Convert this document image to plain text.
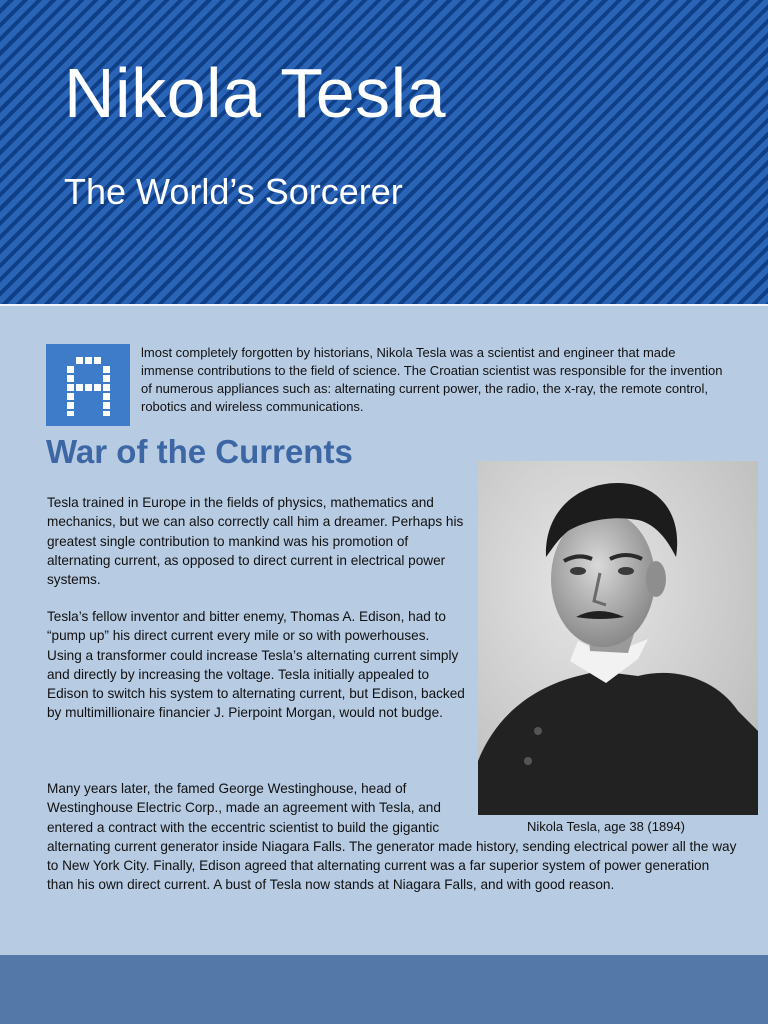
Nikola Tesla
The World’s Sorcerer

lmost completely forgotten by historians, Nikola Tesla was a scientist and engineer that made immense contributions to the field of science. The Croatian scientist was responsible for the invention of numerous appliances such as: alternating current power, the radio, the x-ray, the remote control, robotics and wireless communications.

War of the Currents
Nikola Tesla, age 38 (1894)

Tesla trained in Europe in the fields of physics, mathematics and mechanics, but we can also correctly call him a dreamer. Perhaps his greatest single contribution to mankind was his promotion of alternating current, as opposed to direct current in electrical power systems.

Tesla’s fellow inventor and bitter enemy, Thomas A. Edison, had to “pump up” his direct current every mile or so with powerhouses. Using a transformer could increase Tesla’s alternating current simply and directly by increasing the voltage. Tesla initially appealed to Edison to switch his system to alternating current, but Edison, backed by multimillionaire financier J. Pierpoint Morgan, would not budge.

Many years later, the famed George Westinghouse, head of Westinghouse Electric Corp., made an agreement with Tesla, and entered a contract with the eccentric scientist to build the gigantic alternating current generator inside Niagara Falls. The generator made history, sending electrical power all the way to New York City. Finally, Edison agreed that alternating current was a far superior system of power generation than his own direct current. A bust of Tesla now stands at Niagara Falls, and with good reason.
